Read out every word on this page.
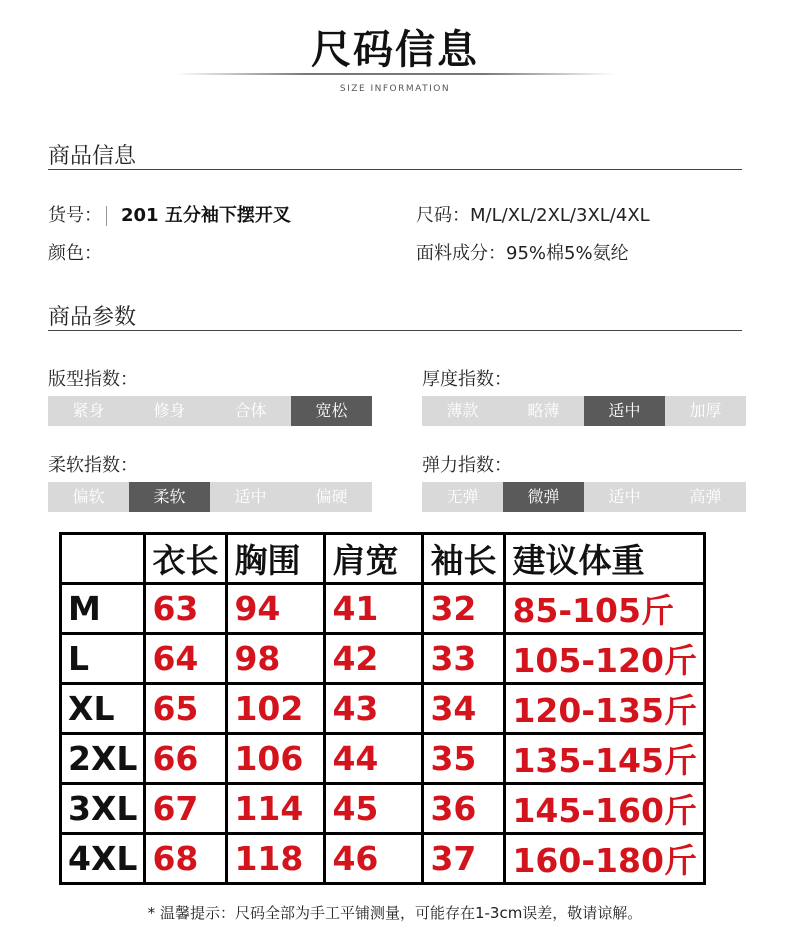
尺码信息
SIZE INFORMATION
商品信息
货号： 201 五分袖下摆开叉	尺码：M/L/XL/2XL/3XL/4XL
颜色：	面料成分：95%棉5%氨纶
商品参数
版型指数：
紧身	修身	合体	宽松
厚度指数：
薄款	略薄	适中	加厚
柔软指数：
偏软	柔软	适中	偏硬
弹力指数：
无弹	微弹	适中	高弹
	衣长	胸围	肩宽	袖长	建议体重
M	63	94	41	32	85-105斤
L	64	98	42	33	105-120斤
XL	65	102	43	34	120-135斤
2XL	66	106	44	35	135-145斤
3XL	67	114	45	36	145-160斤
4XL	68	118	46	37	160-180斤
* 温馨提示：尺码全部为手工平铺测量，可能存在1-3cm误差，敬请谅解。
